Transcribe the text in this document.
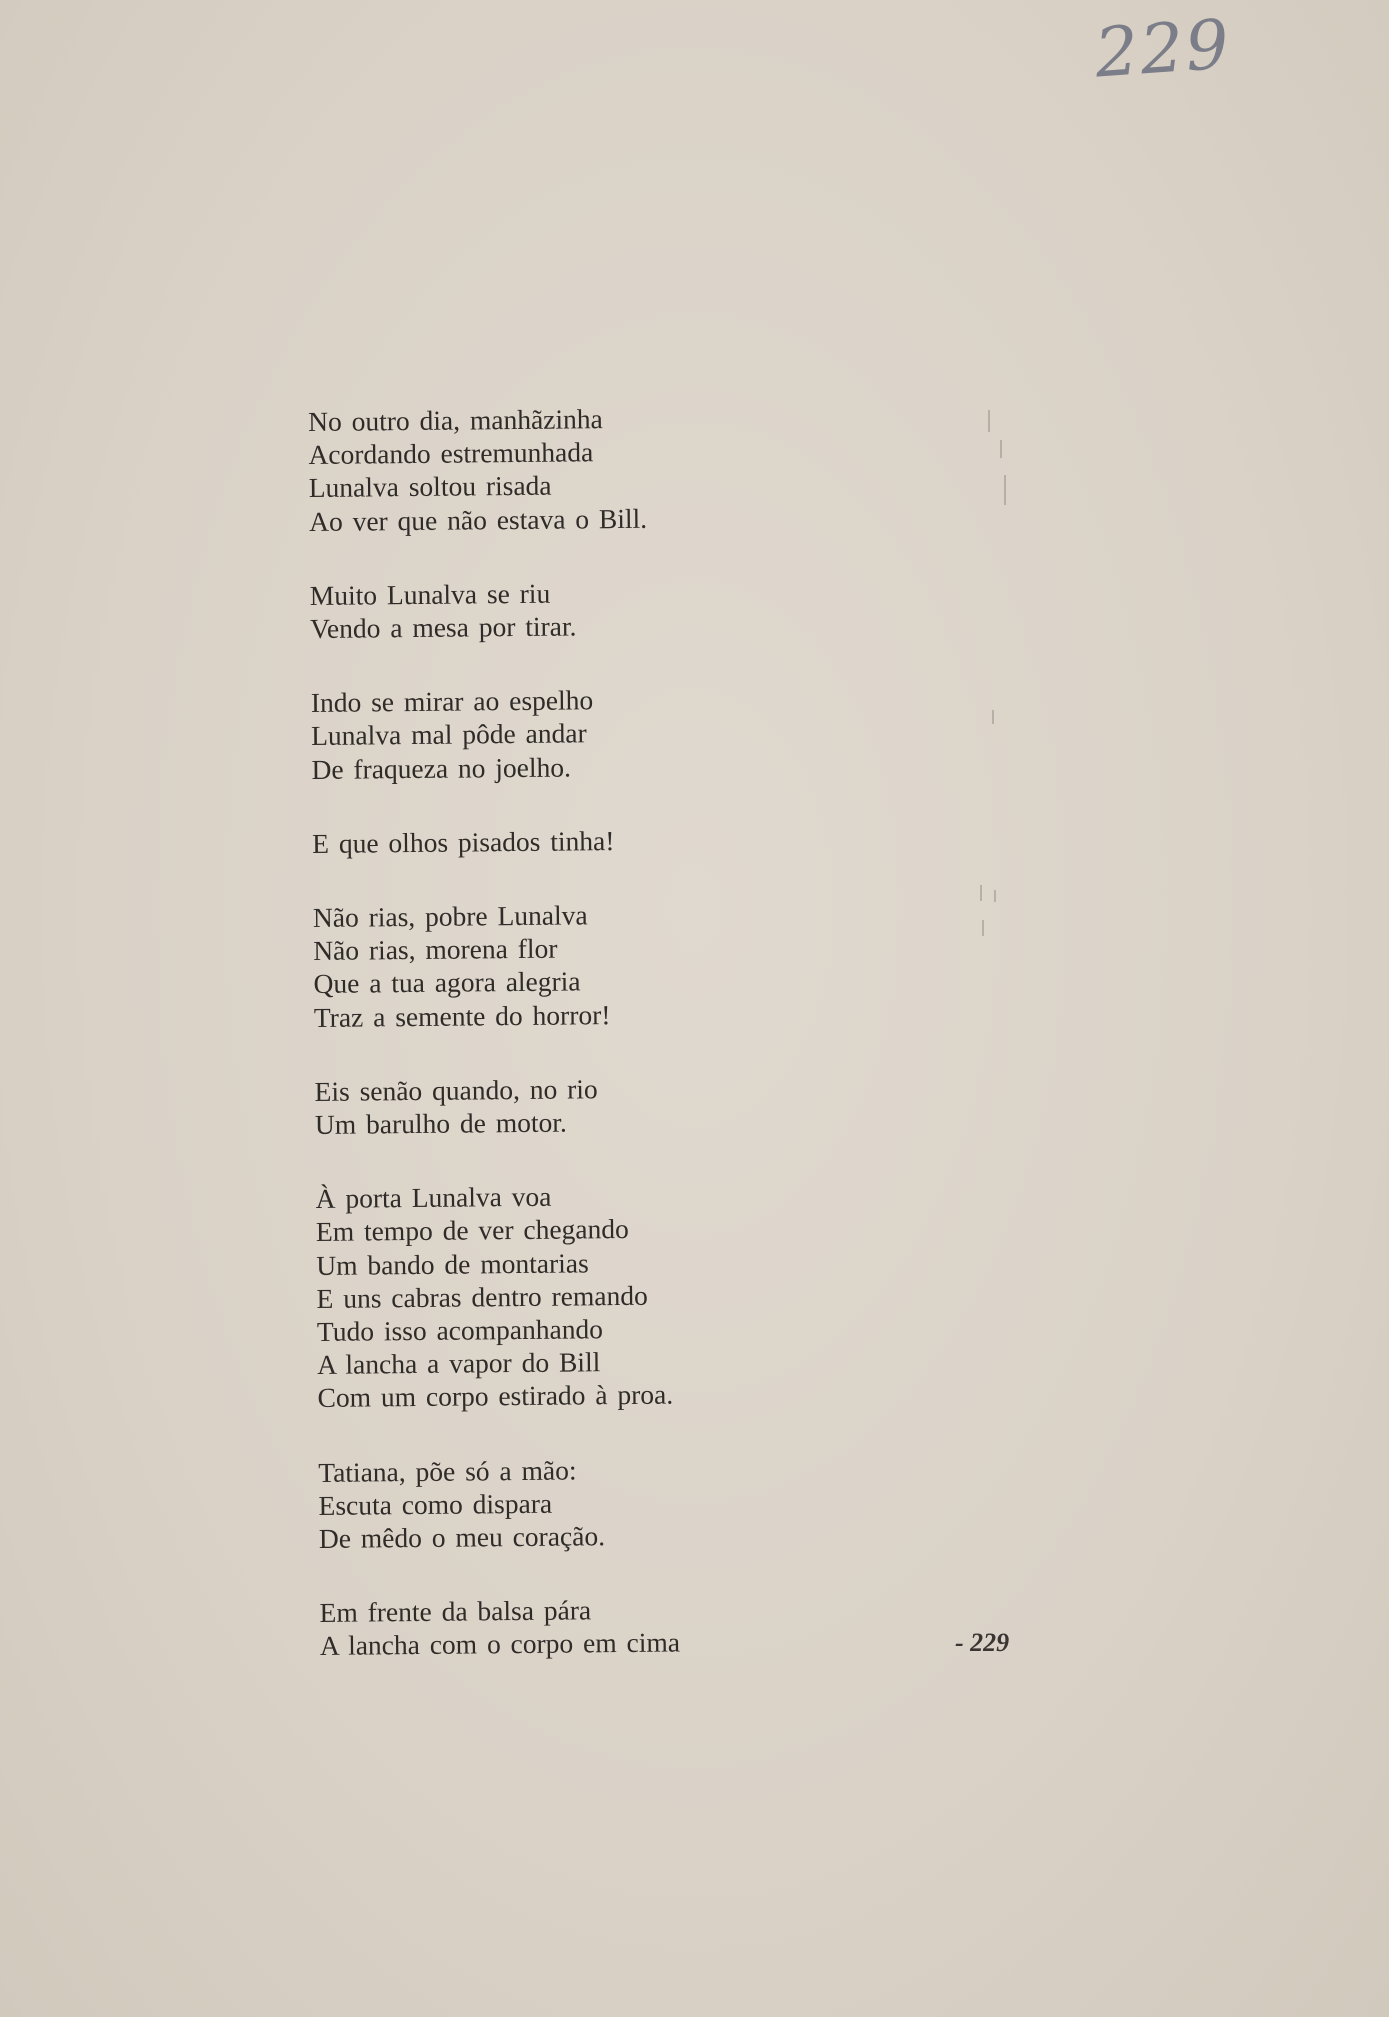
229
No outro dia, manhãzinha
Acordando estremunhada
Lunalva soltou risada
Ao ver que não estava o Bill.
Muito Lunalva se riu
Vendo a mesa por tirar.
Indo se mirar ao espelho
Lunalva mal pôde andar
De fraqueza no joelho.
E que olhos pisados tinha!
Não rias, pobre Lunalva
Não rias, morena flor
Que a tua agora alegria
Traz a semente do horror!
Eis senão quando, no rio
Um barulho de motor.
À porta Lunalva voa
Em tempo de ver chegando
Um bando de montarias
E uns cabras dentro remando
Tudo isso acompanhando
A lancha a vapor do Bill
Com um corpo estirado à proa.
Tatiana, põe só a mão:
Escuta como dispara
De mêdo o meu coração.
Em frente da balsa pára
A lancha com o corpo em cima	- 229
